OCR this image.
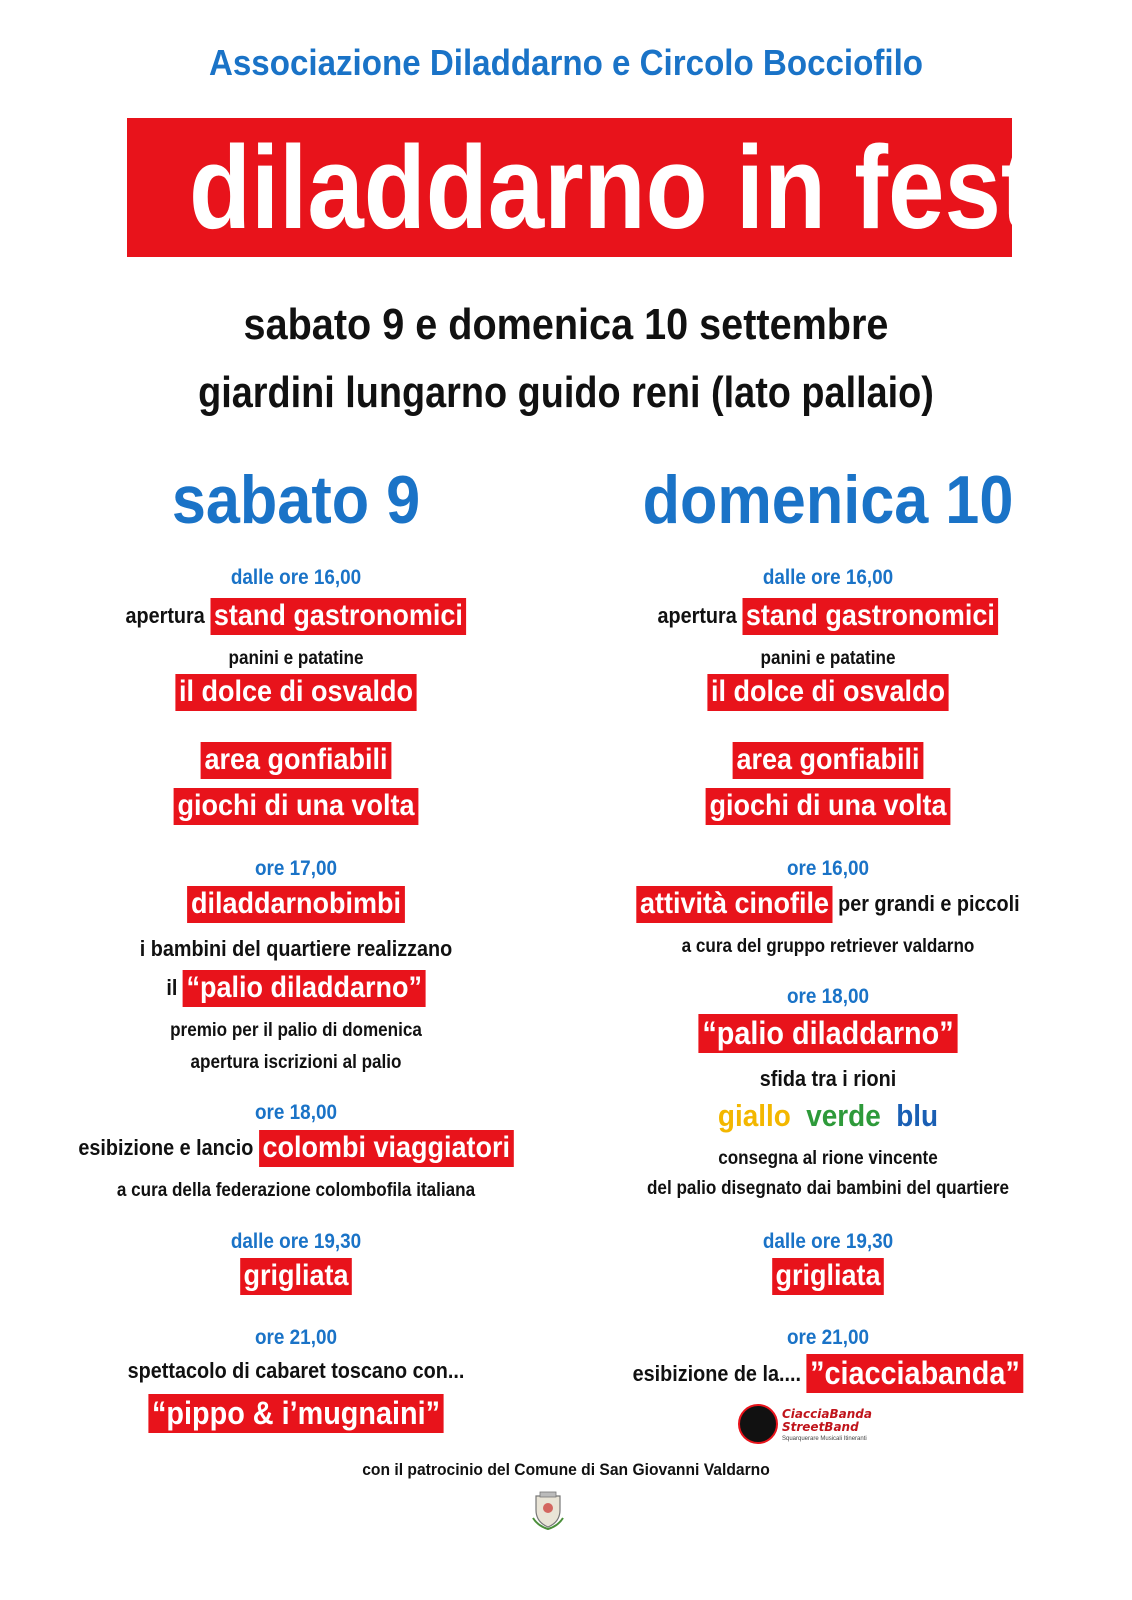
Associazione Diladdarno e Circolo Bocciofilo
diladdarno in festa
sabato 9 e domenica 10 settembre
giardini lungarno guido reni (lato pallaio)
sabato 9
dalle ore 16,00
apertura stand gastronomici
panini e patatine
il dolce di osvaldo
area gonfiabili
giochi di una volta
ore 17,00
diladdarnobimbi
i bambini del quartiere realizzano
il “palio diladdarno”
premio per il palio di domenica
apertura iscrizioni al palio
ore 18,00
esibizione e lancio colombi viaggiatori
a cura della federazione colombofila italiana
dalle ore 19,30
grigliata
ore 21,00
spettacolo di cabaret toscano con...
“pippo & i’mugnaini”
domenica 10
dalle ore 16,00
apertura stand gastronomici
panini e patatine
il dolce di osvaldo
area gonfiabili
giochi di una volta
ore 16,00
attività cinofile per grandi e piccoli
a cura del gruppo retriever valdarno
ore 18,00
“palio diladdarno”
sfida tra i rioni
giallo verde blu
consegna al rione vincente
del palio disegnato dai bambini del quartiere
dalle ore 19,30
grigliata
ore 21,00
esibizione de la.... ”ciacciabanda”
CiacciaBanda
StreetBand
Squarquerare Musicali Itineranti
con il patrocinio del Comune di San Giovanni Valdarno
